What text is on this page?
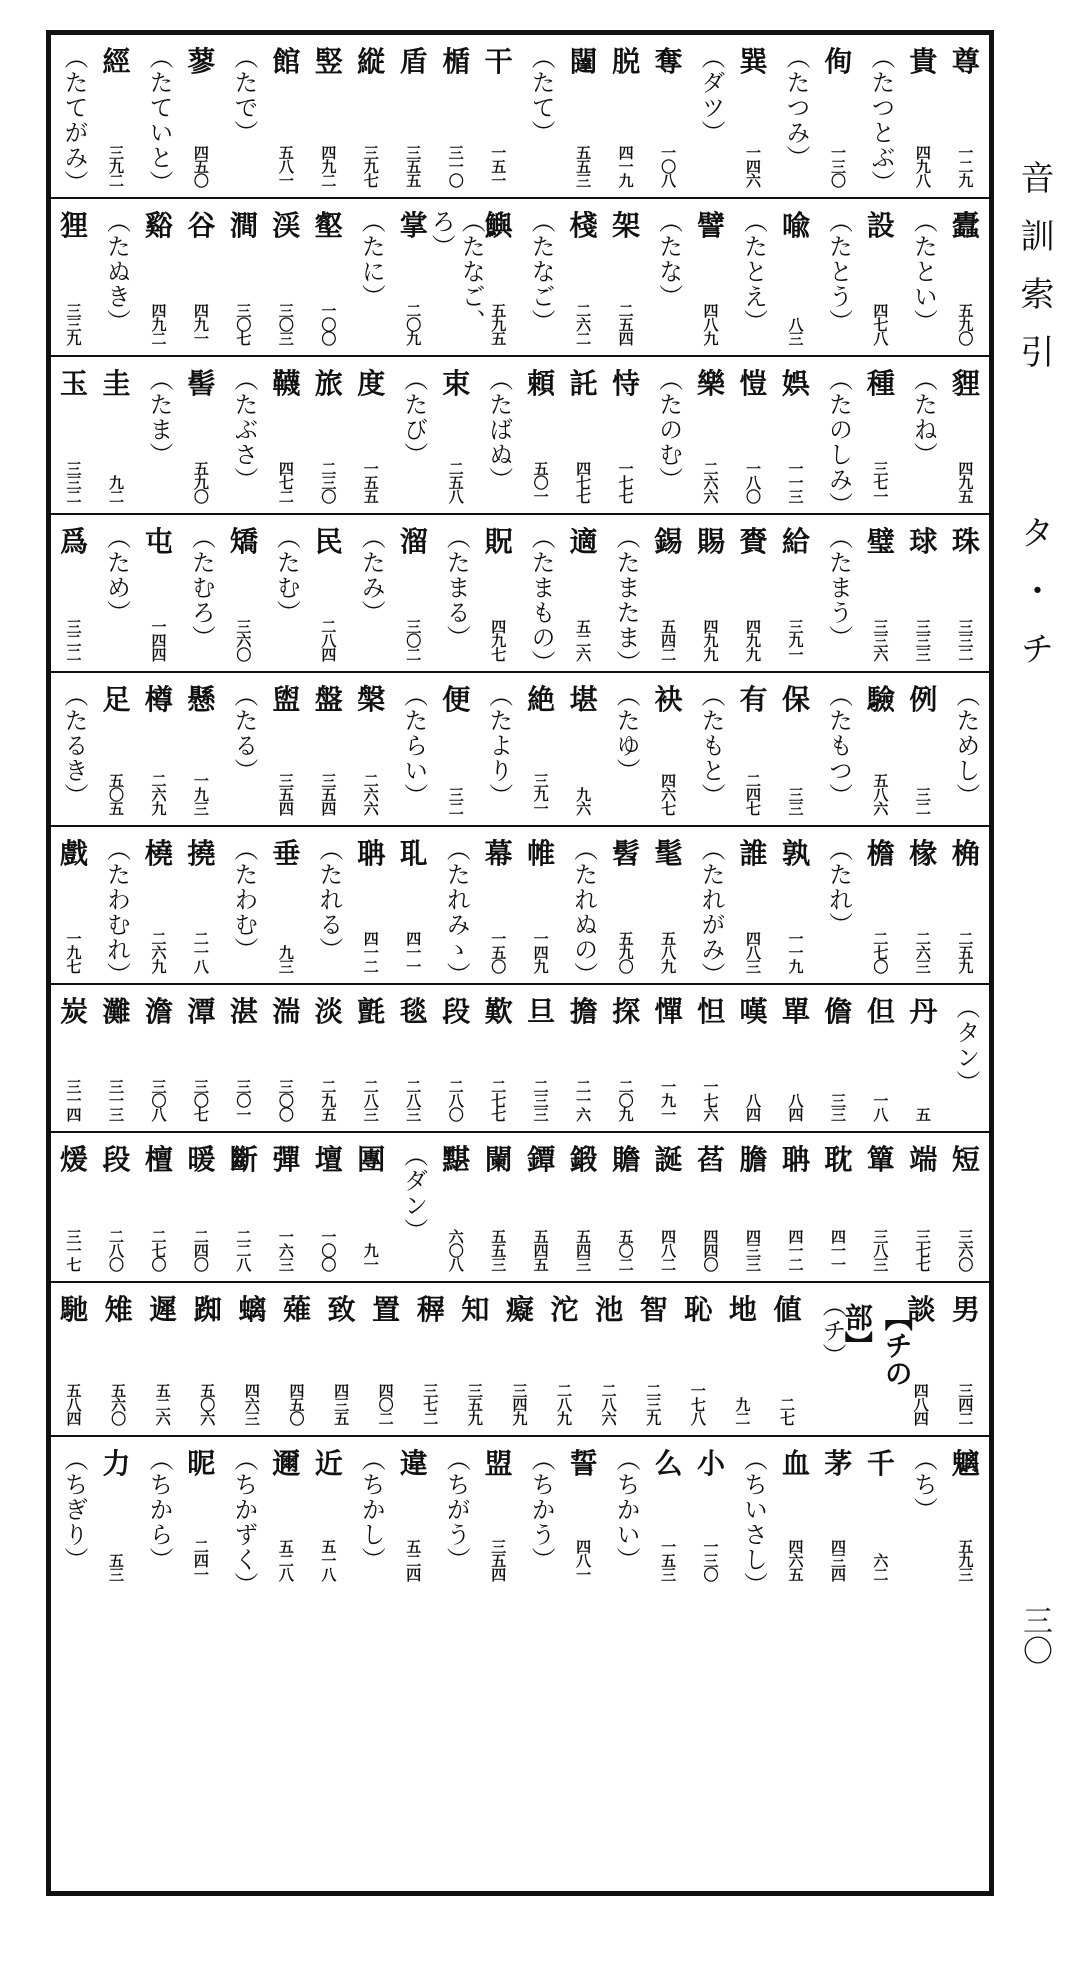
音訓索引
タ・チ
三〇
尊
一二九
貴
四九八
（たつとぶ）
侚
一三〇
（たつみ）
巽
一四六
（ダツ）
奪
一〇八
脱
四一九
闥
五五三
（たて）
干
一五一
楯
三一〇
盾
三五五
縦
三九七
竪
四九二
館
五八一
（たで）
蓼
四五〇
（たていと）
經
三九二
（たてがみ）
蠹
五九〇
（たとい）
設
四七八
（たとう）
喩
八三
（たとえ）
譬
四八九
（たな）
架
二五四
棧
二六二
（たなご）
鱮
五九五
（たなご、ろ）
掌
二〇九
（たに）
壑
一〇〇
渓
三〇三
澗
三〇七
谷
四九一
谿
四九二
（たぬき）
狸
三三九
貍
四九五
（たね）
種
三七一
（たのしみ）
娯
一一三
愷
一八〇
樂
二六六
（たのむ）
恃
一七七
託
四七七
頼
五〇一
（たばぬ）
束
二五八
（たび）
度
一五五
旅
二三〇
韈
四七二
（たぶさ）
髻
五九〇
（たま）
圭
九二
玉
三三二
珠
三三二
球
三三三
璧
三三六
（たまう）
給
三九一
賚
四九九
賜
四九九
錫
五四二
（たまたま）
適
五二六
（たまもの）
貺
四九七
（たまる）
溜
三〇二
（たみ）
民
二八四
（たむ）
矯
三六〇
（たむろ）
屯
一四四
（ため）
爲
三二二
（ためし）
例
三二
驗
五八六
（たもつ）
保
三三
有
二四七
（たもと）
袂
四六七
（たゆ）
堪
九六
絶
三九一
（たより）
便
三二
（たらい）
槃
二六六
盤
三五四
盥
三五四
（たる）
懸
一九三
樽
二六九
足
五〇五
（たるき）
桷
二五九
椽
二六三
檐
二七〇
（たれ）
孰
一一九
誰
四八三
（たれがみ）
髦
五八九
髫
五九〇
（たれぬの）
帷
一四九
幕
一五〇
（たれみゝ）
耴
四一一
聃
四一二
（たれる）
垂
九三
（たわむ）
撓
二一八
橈
二六九
（たわむれ）
戲
一九七
（タン）
丹
五
但
一八
儋
三三
單
八四
嘆
八四
怛
一七六
憚
一九一
探
二〇九
擔
二一六
旦
二三三
歎
二七七
段
二八〇
毯
二八三
氈
二八三
淡
二九五
湍
三〇〇
湛
三〇一
潭
三〇七
澹
三〇八
灘
三一三
炭
三一四
短
三六〇
端
三七七
簞
三八三
耽
四一一
聃
四一二
膽
四三三
萏
四四〇
誕
四八二
贍
五〇二
鍛
五四三
鐔
五四五
闌
五五三
黮
六〇八
（ダン）
團
九一
壇
一〇〇
彈
一六三
斷
二二八
暖
二四〇
檀
二七〇
段
二八〇
煖
三一七
男
三四二
談
四八四
【チの部】
（チ）
値
二七
地
九二
恥
一七八
智
二三九
池
二八六
沱
二八九
癡
三四九
知
三五九
稺
三七二
置
四〇二
致
四三五
薙
四五〇
螭
四六三
踟
五〇六
遲
五二六
雉
五六〇
馳
五八四
魑
五九三
（ち）
千
六二
茅
四三四
血
四六五
（ちいさし）
小
一三〇
么
一五三
（ちかい）
誓
四八一
（ちかう）
盟
三五四
（ちがう）
違
五二四
（ちかし）
近
五一八
邇
五二八
（ちかずく）
昵
二四一
（ちから）
力
五三
（ちぎり）
